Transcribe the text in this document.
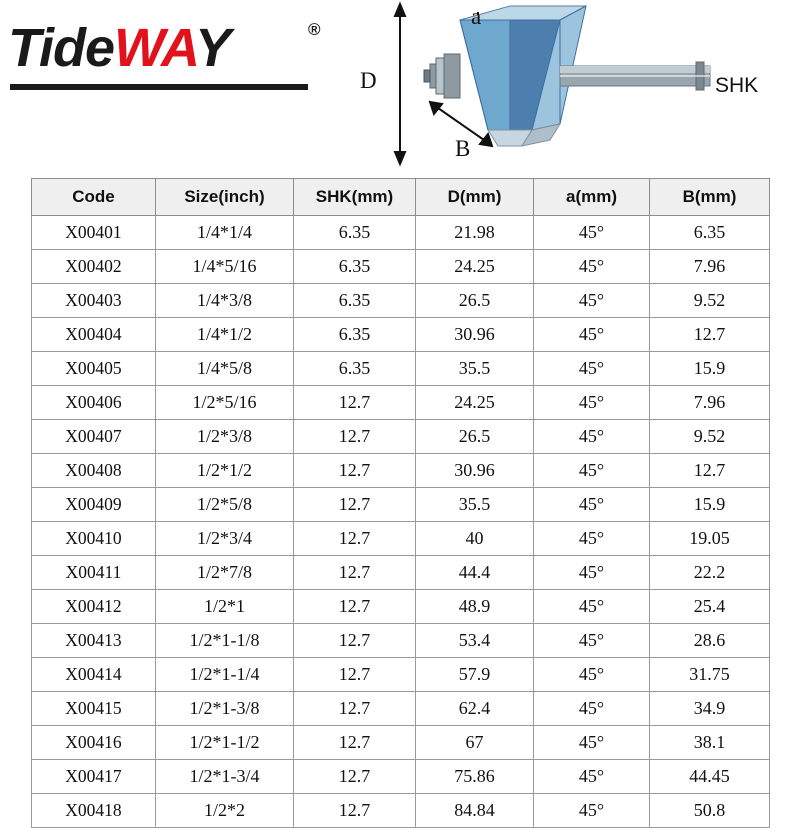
TideWAY	®
a
D
B
SHK
Code	Size(inch)	SHK(mm)	D(mm)	a(mm)	B(mm)
X00401	1/4*1/4	6.35	21.98	45°	6.35
X00402	1/4*5/16	6.35	24.25	45°	7.96
X00403	1/4*3/8	6.35	26.5	45°	9.52
X00404	1/4*1/2	6.35	30.96	45°	12.7
X00405	1/4*5/8	6.35	35.5	45°	15.9
X00406	1/2*5/16	12.7	24.25	45°	7.96
X00407	1/2*3/8	12.7	26.5	45°	9.52
X00408	1/2*1/2	12.7	30.96	45°	12.7
X00409	1/2*5/8	12.7	35.5	45°	15.9
X00410	1/2*3/4	12.7	40	45°	19.05
X00411	1/2*7/8	12.7	44.4	45°	22.2
X00412	1/2*1	12.7	48.9	45°	25.4
X00413	1/2*1-1/8	12.7	53.4	45°	28.6
X00414	1/2*1-1/4	12.7	57.9	45°	31.75
X00415	1/2*1-3/8	12.7	62.4	45°	34.9
X00416	1/2*1-1/2	12.7	67	45°	38.1
X00417	1/2*1-3/4	12.7	75.86	45°	44.45
X00418	1/2*2	12.7	84.84	45°	50.8
